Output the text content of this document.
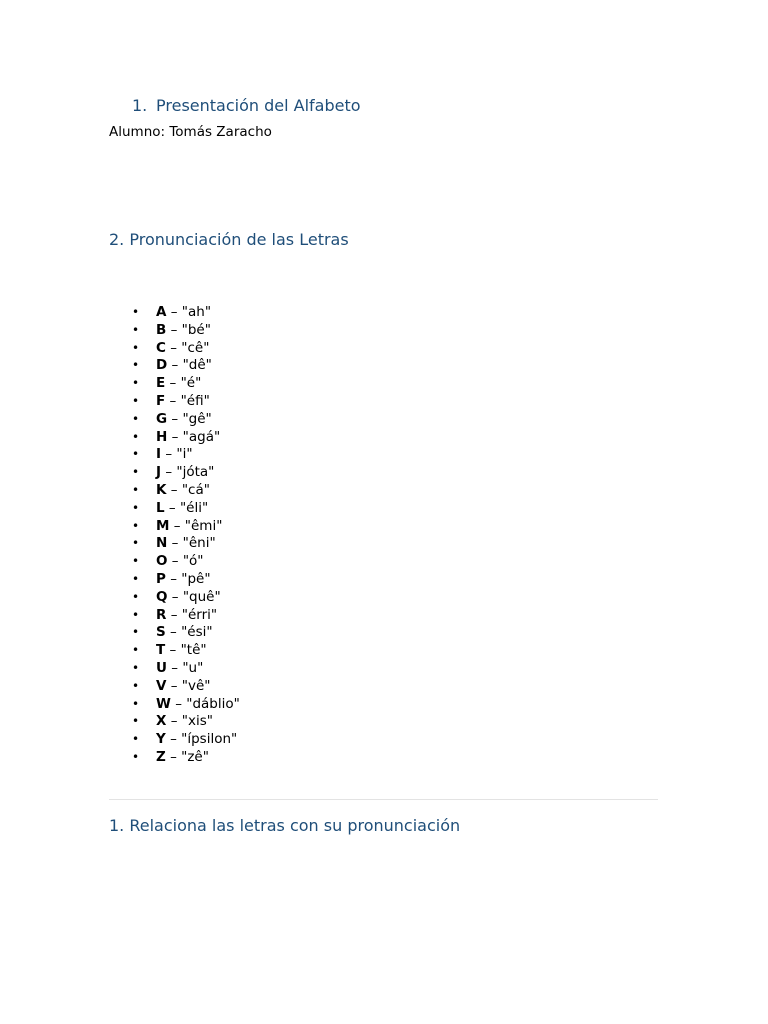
1. Presentación del Alfabeto
Alumno: Tomás Zaracho
2. Pronunciación de las Letras
• A – "ah"
• B – "bé"
• C – "cê"
• D – "dê"
• E – "é"
• F – "éfi"
• G – "gê"
• H – "agá"
• I – "i"
• J – "jóta"
• K – "cá"
• L – "éli"
• M – "êmi"
• N – "êni"
• O – "ó"
• P – "pê"
• Q – "quê"
• R – "érri"
• S – "ési"
• T – "tê"
• U – "u"
• V – "vê"
• W – "dáblio"
• X – "xis"
• Y – "ípsilon"
• Z – "zê"
1. Relaciona las letras con su pronunciación
